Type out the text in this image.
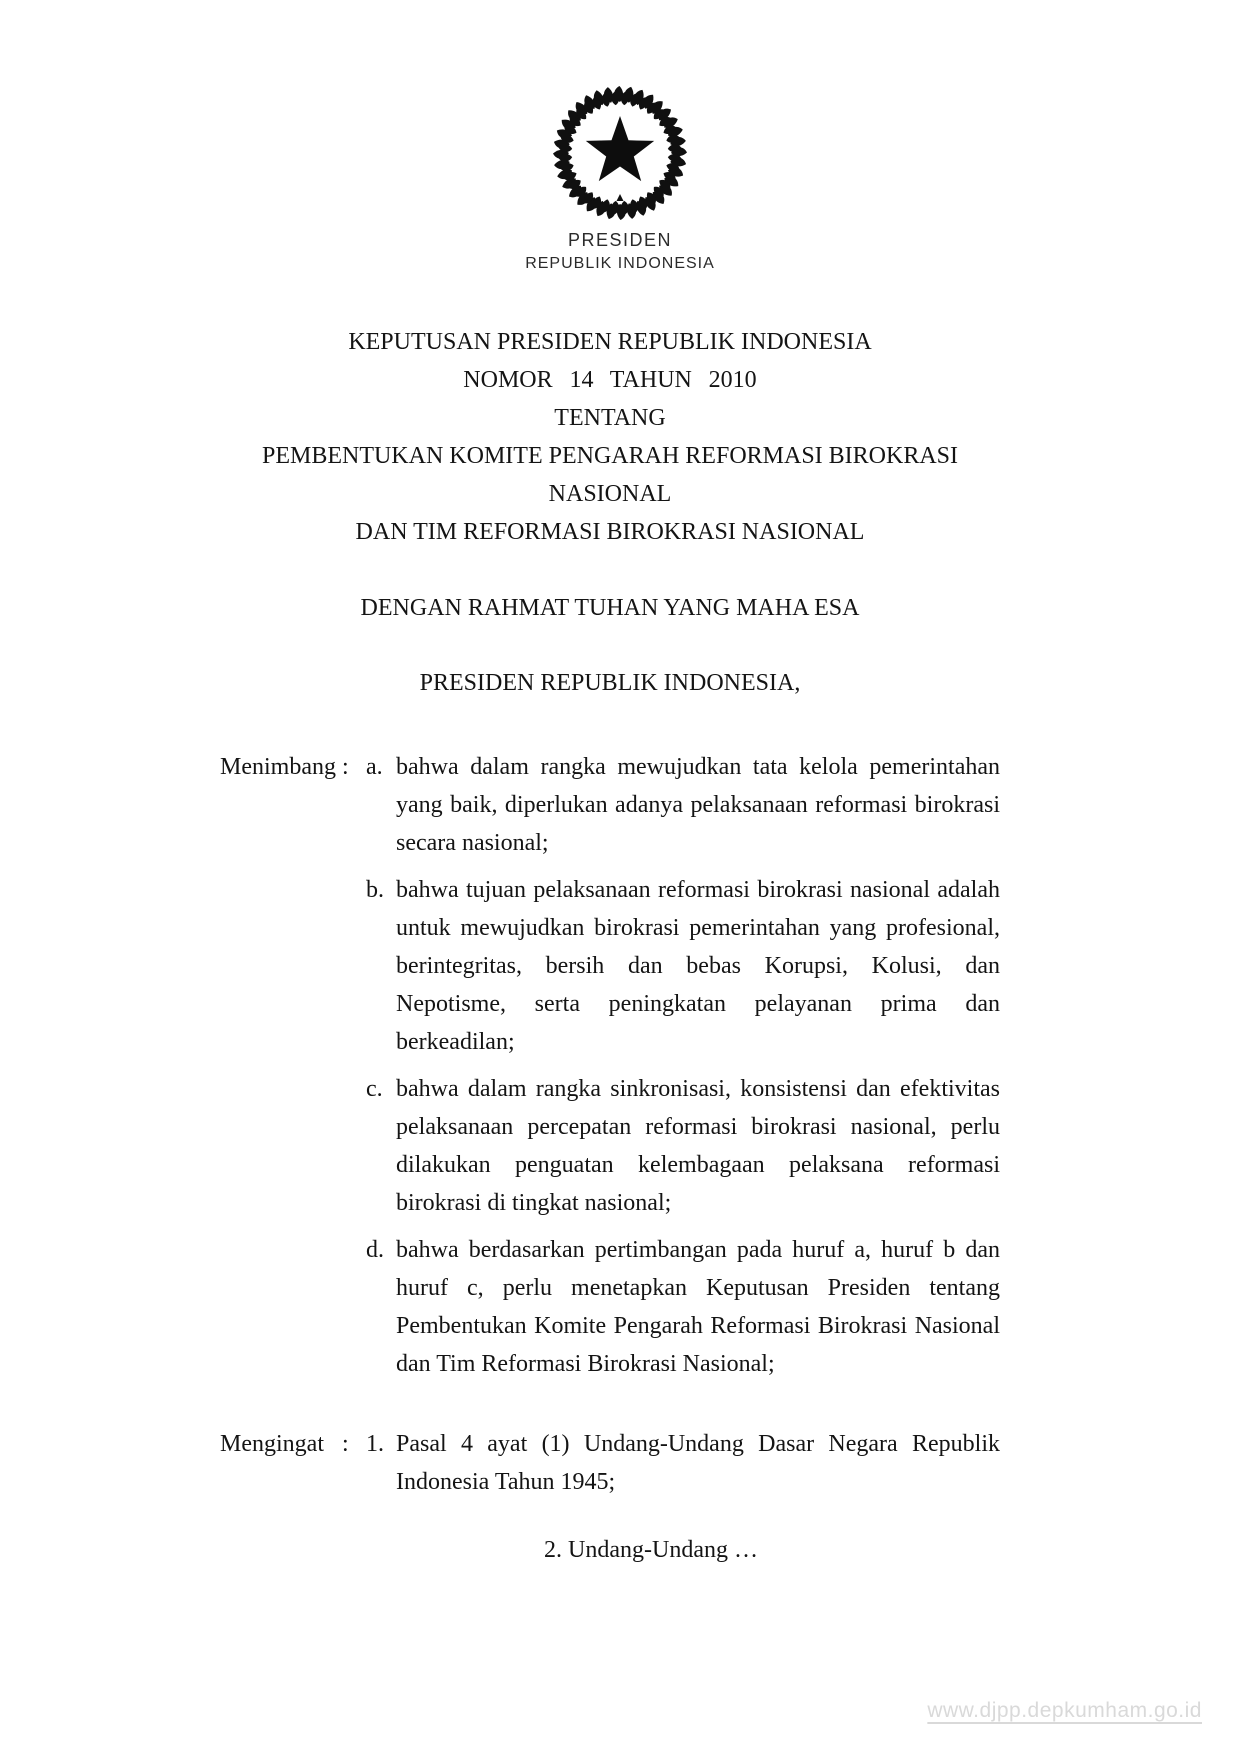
PRESIDEN
REPUBLIK INDONESIA
KEPUTUSAN PRESIDEN REPUBLIK INDONESIA
NOMOR 14 TAHUN 2010
TENTANG
PEMBENTUKAN KOMITE PENGARAH REFORMASI BIROKRASI NASIONAL
DAN TIM REFORMASI BIROKRASI NASIONAL
DENGAN RAHMAT TUHAN YANG MAHA ESA
PRESIDEN REPUBLIK INDONESIA,
Menimbang : a. bahwa dalam rangka mewujudkan tata kelola pemerintahan yang baik, diperlukan adanya pelaksanaan reformasi birokrasi secara nasional;
b. bahwa tujuan pelaksanaan reformasi birokrasi nasional adalah untuk mewujudkan birokrasi pemerintahan yang profesional, berintegritas, bersih dan bebas Korupsi, Kolusi, dan Nepotisme, serta peningkatan pelayanan prima dan berkeadilan;
c. bahwa dalam rangka sinkronisasi, konsistensi dan efektivitas pelaksanaan percepatan reformasi birokrasi nasional, perlu dilakukan penguatan kelembagaan pelaksana reformasi birokrasi di tingkat nasional;
d. bahwa berdasarkan pertimbangan pada huruf a, huruf b dan huruf c, perlu menetapkan Keputusan Presiden tentang Pembentukan Komite Pengarah Reformasi Birokrasi Nasional dan Tim Reformasi Birokrasi Nasional;
Mengingat : 1. Pasal 4 ayat (1) Undang-Undang Dasar Negara Republik Indonesia Tahun 1945;
2. Undang-Undang …
www.djpp.depkumham.go.id
